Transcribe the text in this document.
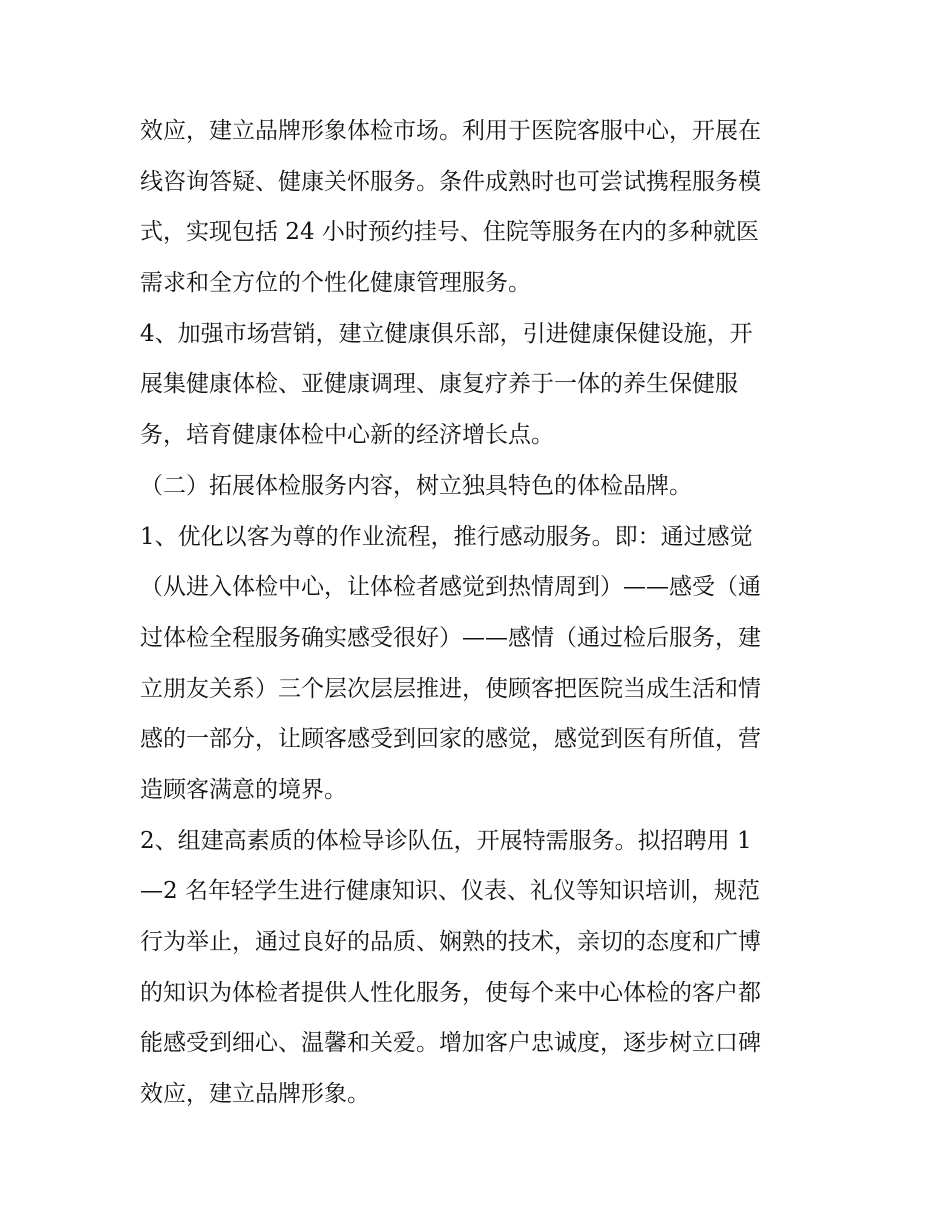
效应，建立品牌形象体检市场。利用于医院客服中心，开展在
线咨询答疑、健康关怀服务。条件成熟时也可尝试携程服务模
式，实现包括 24 小时预约挂号、住院等服务在内的多种就医
需求和全方位的个性化健康管理服务。
4、加强市场营销，建立健康俱乐部，引进健康保健设施，开
展集健康体检、亚健康调理、康复疗养于一体的养生保健服
务，培育健康体检中心新的经济增长点。
（二）拓展体检服务内容，树立独具特色的体检品牌。
1、优化以客为尊的作业流程，推行感动服务。即：通过感觉
（从进入体检中心，让体检者感觉到热情周到）——感受（通
过体检全程服务确实感受很好）——感情（通过检后服务，建
立朋友关系）三个层次层层推进，使顾客把医院当成生活和情
感的一部分，让顾客感受到回家的感觉，感觉到医有所值，营
造顾客满意的境界。
2、组建高素质的体检导诊队伍，开展特需服务。拟招聘用 1
—2 名年轻学生进行健康知识、仪表、礼仪等知识培训，规范
行为举止，通过良好的品质、娴熟的技术，亲切的态度和广博
的知识为体检者提供人性化服务，使每个来中心体检的客户都
能感受到细心、温馨和关爱。增加客户忠诚度，逐步树立口碑
效应，建立品牌形象。
